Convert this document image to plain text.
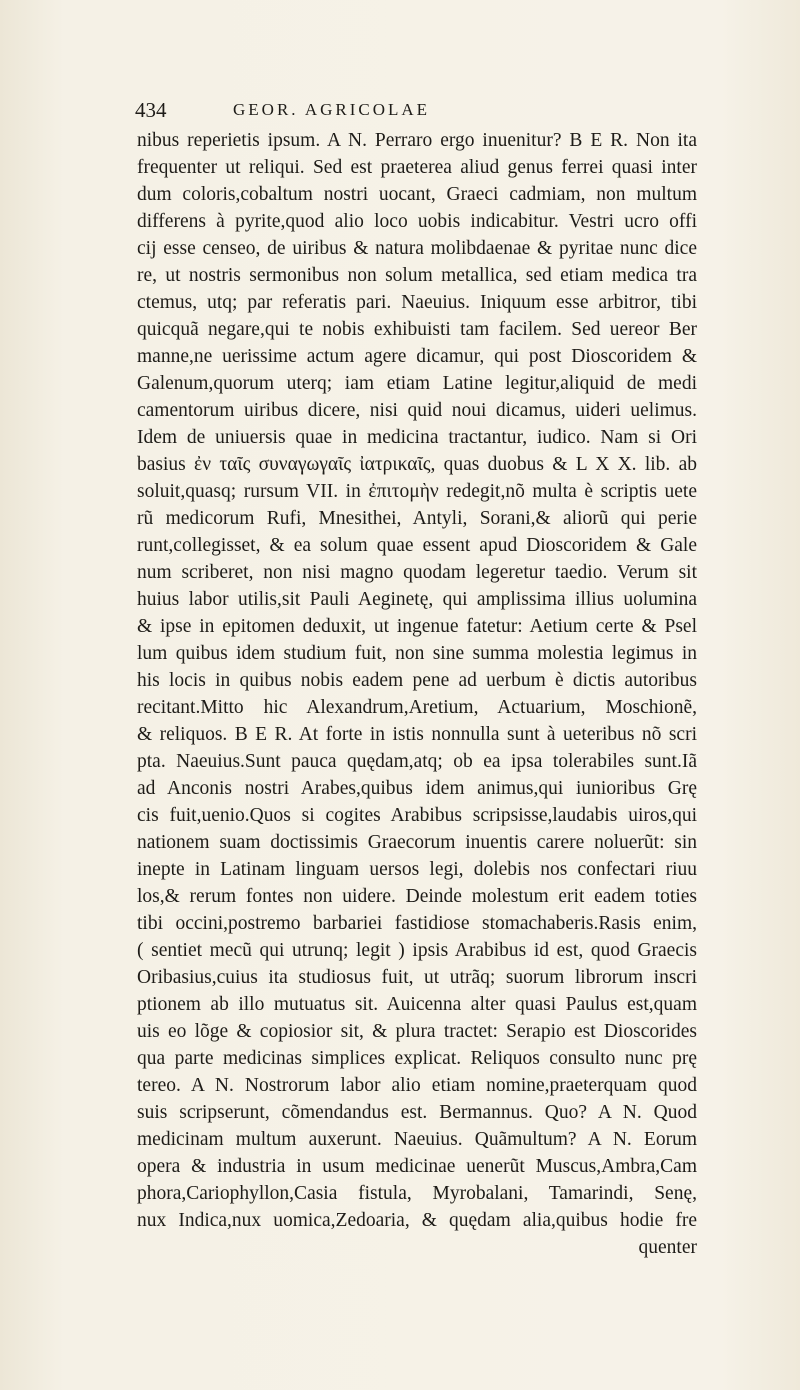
434	GEOR. AGRICOLAE
nibus reperietis ipsum. A N. Perraro ergo inuenitur? B E R. Non ita
frequenter ut reliqui. Sed est praeterea aliud genus ferrei quasi inter
dum coloris,cobaltum nostri uocant, Graeci cadmiam, non multum
differens à pyrite,quod alio loco uobis indicabitur. Vestri ucro offi
cij esse censeo, de uiribus & natura molibdaenae & pyritae nunc dice
re, ut nostris sermonibus non solum metallica, sed etiam medica tra
ctemus, utq; par referatis pari. Naeuius. Iniquum esse arbitror, tibi
quicquã negare,qui te nobis exhibuisti tam facilem. Sed uereor Ber
manne,ne uerissime actum agere dicamur, qui post Dioscoridem &
Galenum,quorum uterq; iam etiam Latine legitur,aliquid de medi
camentorum uiribus dicere, nisi quid noui dicamus, uideri uelimus.
Idem de uniuersis quae in medicina tractantur, iudico. Nam si Ori
basius ἐν ταῖς συναγωγαῖς ἰατρικαῖς, quas duobus & L X X. lib. ab
soluit,quasq; rursum VII. in ἐπιτομὴν redegit,nõ multa è scriptis uete
rũ medicorum Rufi, Mnesithei, Antyli, Sorani,& aliorũ qui perie
runt,collegisset, & ea solum quae essent apud Dioscoridem & Gale
num scriberet, non nisi magno quodam legeretur taedio. Verum sit
huius labor utilis,sit Pauli Aeginetę, qui amplissima illius uolumina
& ipse in epitomen deduxit, ut ingenue fatetur: Aetium certe & Psel
lum quibus idem studium fuit, non sine summa molestia legimus in
his locis in quibus nobis eadem pene ad uerbum è dictis autoribus
recitant.Mitto hic Alexandrum,Aretium, Actuarium, Moschionẽ,
& reliquos. B E R. At forte in istis nonnulla sunt à ueteribus nõ scri
pta. Naeuius.Sunt pauca quędam,atq; ob ea ipsa tolerabiles sunt.Iã
ad Anconis nostri Arabes,quibus idem animus,qui iunioribus Grę
cis fuit,uenio.Quos si cogites Arabibus scripsisse,laudabis uiros,qui
nationem suam doctissimis Graecorum inuentis carere noluerũt: sin
inepte in Latinam linguam uersos legi, dolebis nos confectari riuu
los,& rerum fontes non uidere. Deinde molestum erit eadem toties
tibi occini,postremo barbariei fastidiose stomachaberis.Rasis enim,
( sentiet mecũ qui utrunq; legit ) ipsis Arabibus id est, quod Graecis
Oribasius,cuius ita studiosus fuit, ut utrãq; suorum librorum inscri
ptionem ab illo mutuatus sit. Auicenna alter quasi Paulus est,quam
uis eo lõge & copiosior sit, & plura tractet: Serapio est Dioscorides
qua parte medicinas simplices explicat. Reliquos consulto nunc prę
tereo. A N. Nostrorum labor alio etiam nomine,praeterquam quod
suis scripserunt, cõmendandus est. Bermannus. Quo? A N. Quod
medicinam multum auxerunt. Naeuius. Quãmultum? A N. Eorum
opera & industria in usum medicinae uenerũt Muscus,Ambra,Cam
phora,Cariophyllon,Casia fistula, Myrobalani, Tamarindi, Senę,
nux Indica,nux uomica,Zedoaria, & quędam alia,quibus hodie fre
quenter
